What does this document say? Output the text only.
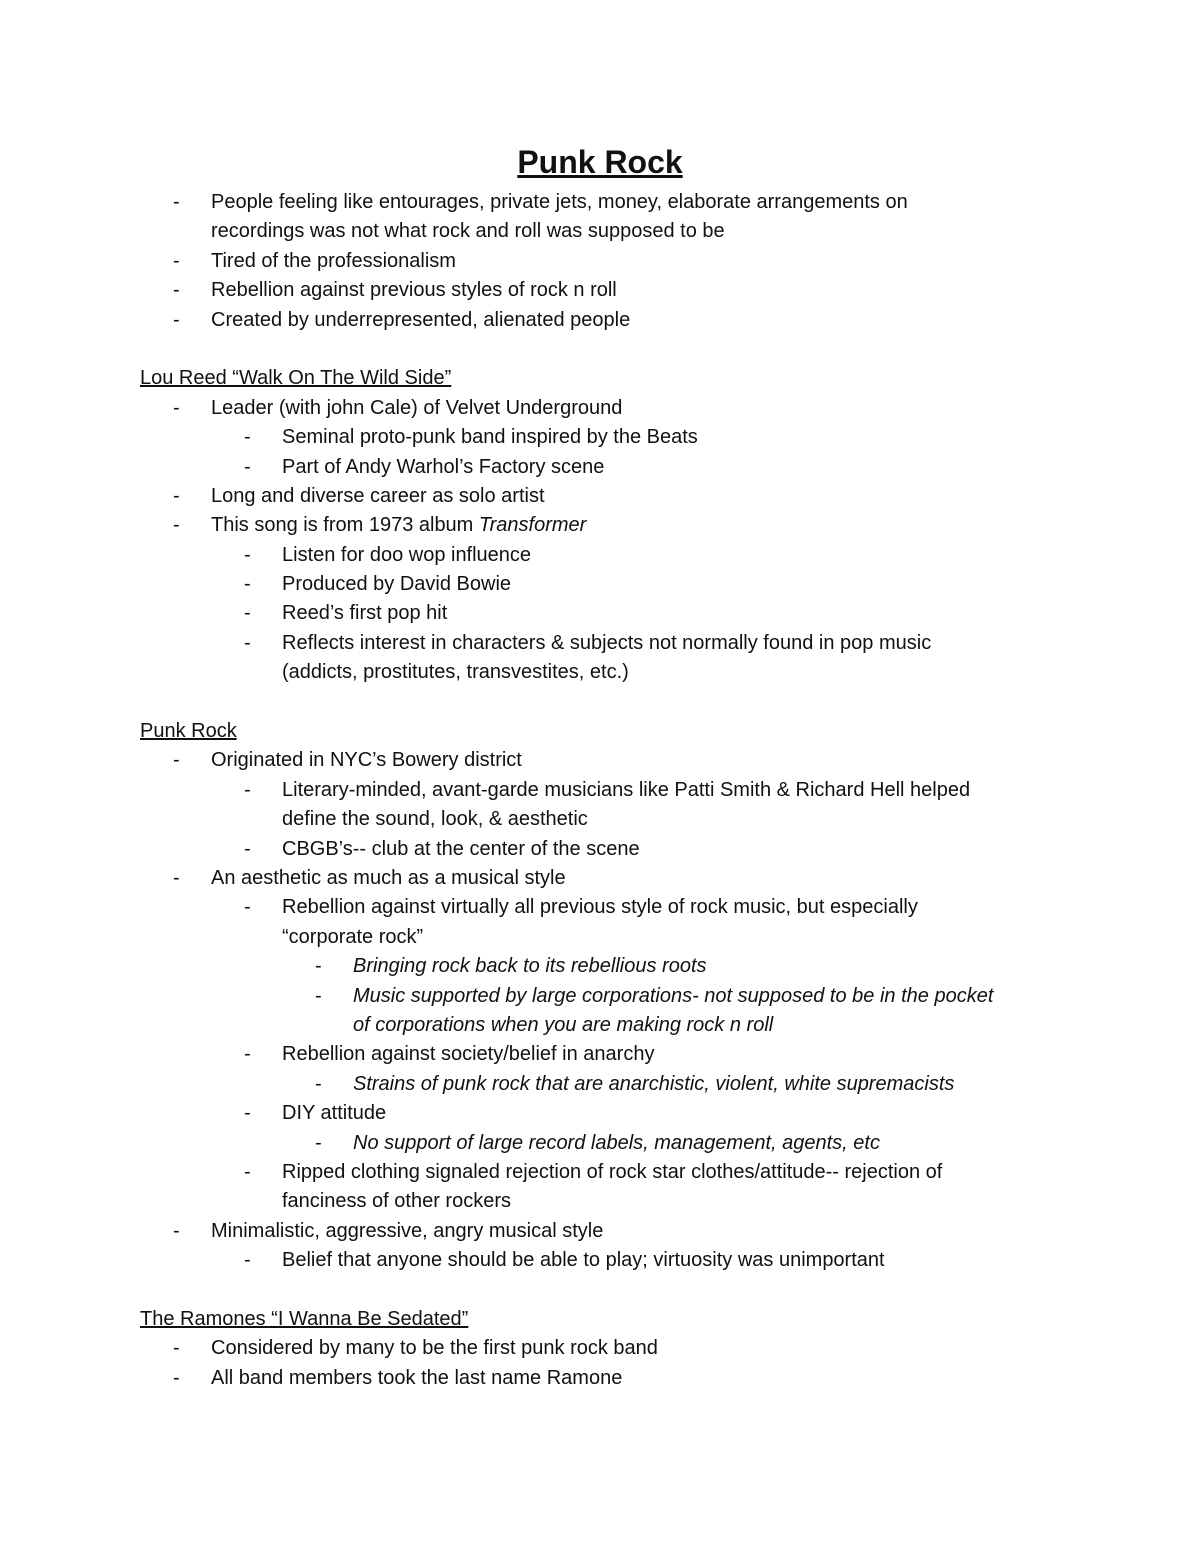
Punk Rock
- People feeling like entourages, private jets, money, elaborate arrangements on
recordings was not what rock and roll was supposed to be
- Tired of the professionalism
- Rebellion against previous styles of rock n roll
- Created by underrepresented, alienated people
Lou Reed “Walk On The Wild Side”
- Leader (with john Cale) of Velvet Underground
- Seminal proto-punk band inspired by the Beats
- Part of Andy Warhol’s Factory scene
- Long and diverse career as solo artist
- This song is from 1973 album Transformer
- Listen for doo wop influence
- Produced by David Bowie
- Reed’s first pop hit
- Reflects interest in characters & subjects not normally found in pop music
(addicts, prostitutes, transvestites, etc.)
Punk Rock
- Originated in NYC’s Bowery district
- Literary-minded, avant-garde musicians like Patti Smith & Richard Hell helped
define the sound, look, & aesthetic
- CBGB’s-- club at the center of the scene
- An aesthetic as much as a musical style
- Rebellion against virtually all previous style of rock music, but especially
“corporate rock”
- Bringing rock back to its rebellious roots
- Music supported by large corporations- not supposed to be in the pocket
of corporations when you are making rock n roll
- Rebellion against society/belief in anarchy
- Strains of punk rock that are anarchistic, violent, white supremacists
- DIY attitude
- No support of large record labels, management, agents, etc
- Ripped clothing signaled rejection of rock star clothes/attitude-- rejection of
fanciness of other rockers
- Minimalistic, aggressive, angry musical style
- Belief that anyone should be able to play; virtuosity was unimportant
The Ramones “I Wanna Be Sedated”
- Considered by many to be the first punk rock band
- All band members took the last name Ramone
